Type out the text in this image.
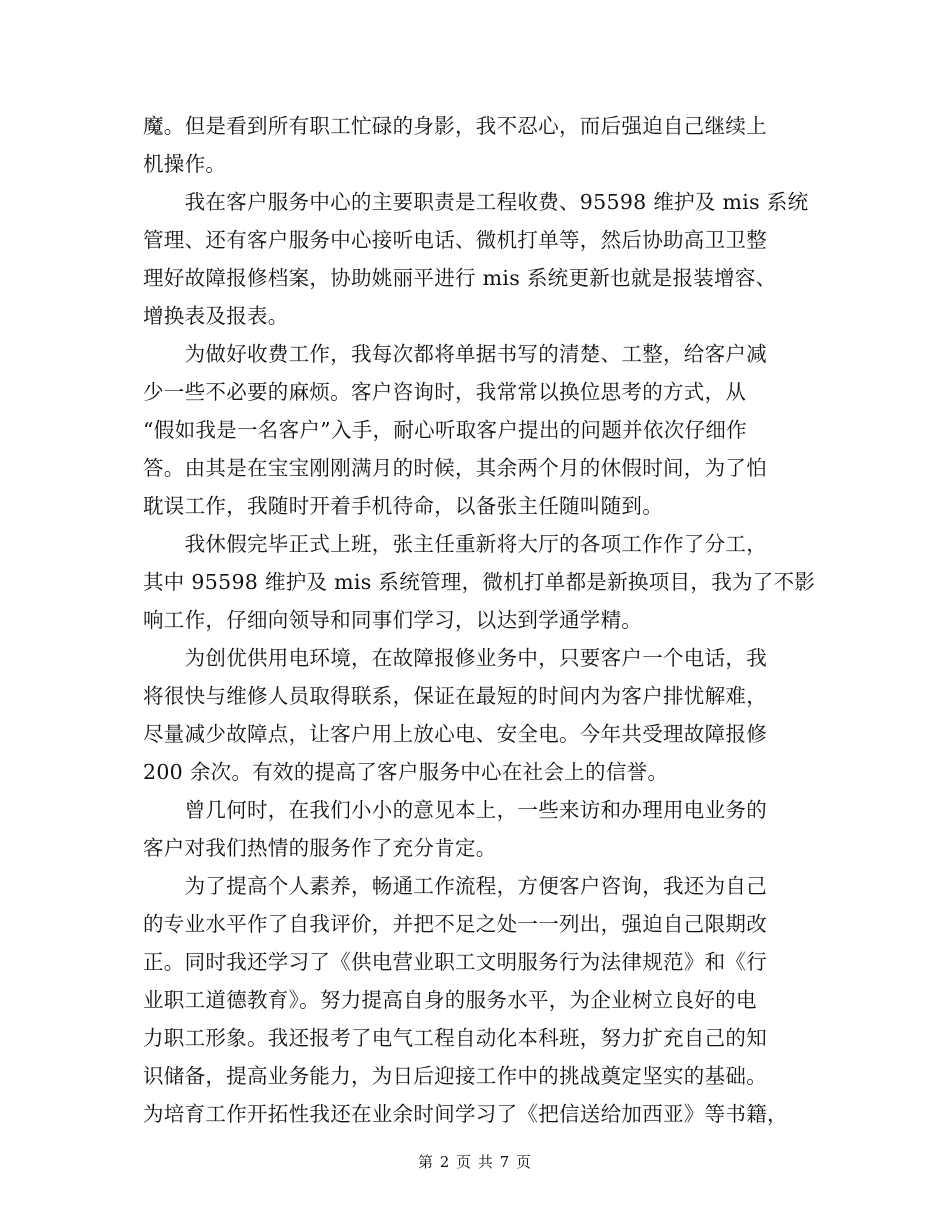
魔。但是看到所有职工忙碌的身影，我不忍心，而后强迫自己继续上
机操作。
　　我在客户服务中心的主要职责是工程收费、95598 维护及 mis 系统
管理、还有客户服务中心接听电话、微机打单等，然后协助高卫卫整
理好故障报修档案，协助姚丽平进行 mis 系统更新也就是报装增容、
增换表及报表。
　　为做好收费工作，我每次都将单据书写的清楚、工整，给客户减
少一些不必要的麻烦。客户咨询时，我常常以换位思考的方式，从
“假如我是一名客户”入手，耐心听取客户提出的问题并依次仔细作
答。由其是在宝宝刚刚满月的时候，其余两个月的休假时间，为了怕
耽误工作，我随时开着手机待命，以备张主任随叫随到。
　　我休假完毕正式上班，张主任重新将大厅的各项工作作了分工，
其中 95598 维护及 mis 系统管理，微机打单都是新换项目，我为了不影
响工作，仔细向领导和同事们学习，以达到学通学精。
　　为创优供用电环境，在故障报修业务中，只要客户一个电话，我
将很快与维修人员取得联系，保证在最短的时间内为客户排忧解难，
尽量减少故障点，让客户用上放心电、安全电。今年共受理故障报修
200 余次。有效的提高了客户服务中心在社会上的信誉。
　　曾几何时，在我们小小的意见本上，一些来访和办理用电业务的
客户对我们热情的服务作了充分肯定。
　　为了提高个人素养，畅通工作流程，方便客户咨询，我还为自己
的专业水平作了自我评价，并把不足之处一一列出，强迫自己限期改
正。同时我还学习了《供电营业职工文明服务行为法律规范》和《行
业职工道德教育》。努力提高自身的服务水平，为企业树立良好的电
力职工形象。我还报考了电气工程自动化本科班，努力扩充自己的知
识储备，提高业务能力，为日后迎接工作中的挑战奠定坚实的基础。
为培育工作开拓性我还在业余时间学习了《把信送给加西亚》等书籍，
第 2 页 共 7 页
